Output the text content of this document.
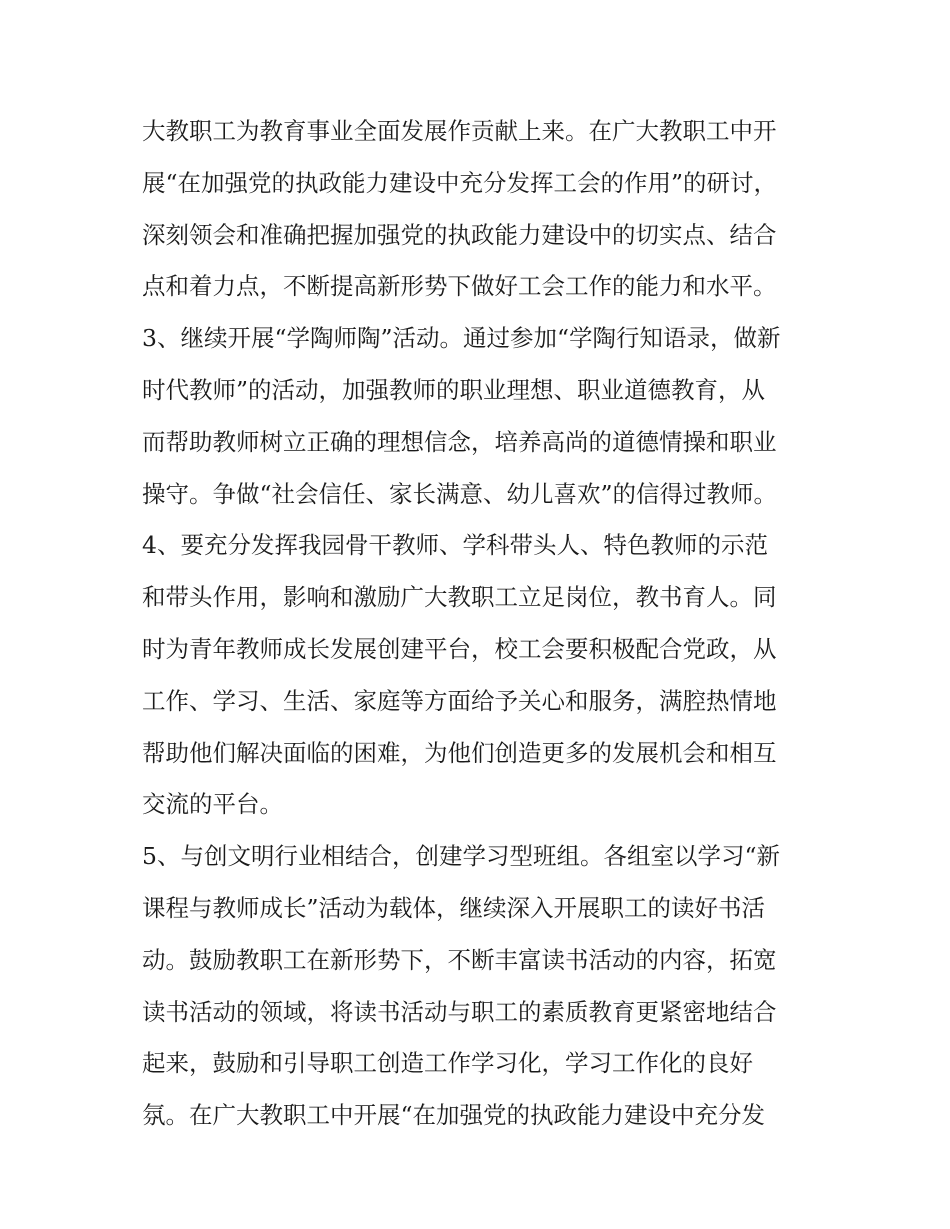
大教职工为教育事业全面发展作贡献上来。在广大教职工中开
展“在加强党的执政能力建设中充分发挥工会的作用”的研讨，
深刻领会和准确把握加强党的执政能力建设中的切实点、结合
点和着力点，不断提高新形势下做好工会工作的能力和水平。
3、继续开展“学陶师陶”活动。通过参加“学陶行知语录，做新
时代教师”的活动，加强教师的职业理想、职业道德教育，从
而帮助教师树立正确的理想信念，培养高尚的道德情操和职业
操守。争做“社会信任、家长满意、幼儿喜欢”的信得过教师。
4、要充分发挥我园骨干教师、学科带头人、特色教师的示范
和带头作用，影响和激励广大教职工立足岗位，教书育人。同
时为青年教师成长发展创建平台，校工会要积极配合党政，从
工作、学习、生活、家庭等方面给予关心和服务，满腔热情地
帮助他们解决面临的困难，为他们创造更多的发展机会和相互
交流的平台。
5、与创文明行业相结合，创建学习型班组。各组室以学习“新
课程与教师成长”活动为载体，继续深入开展职工的读好书活
动。鼓励教职工在新形势下，不断丰富读书活动的内容，拓宽
读书活动的领域，将读书活动与职工的素质教育更紧密地结合
起来，鼓励和引导职工创造工作学习化，学习工作化的良好
氛。在广大教职工中开展“在加强党的执政能力建设中充分发
